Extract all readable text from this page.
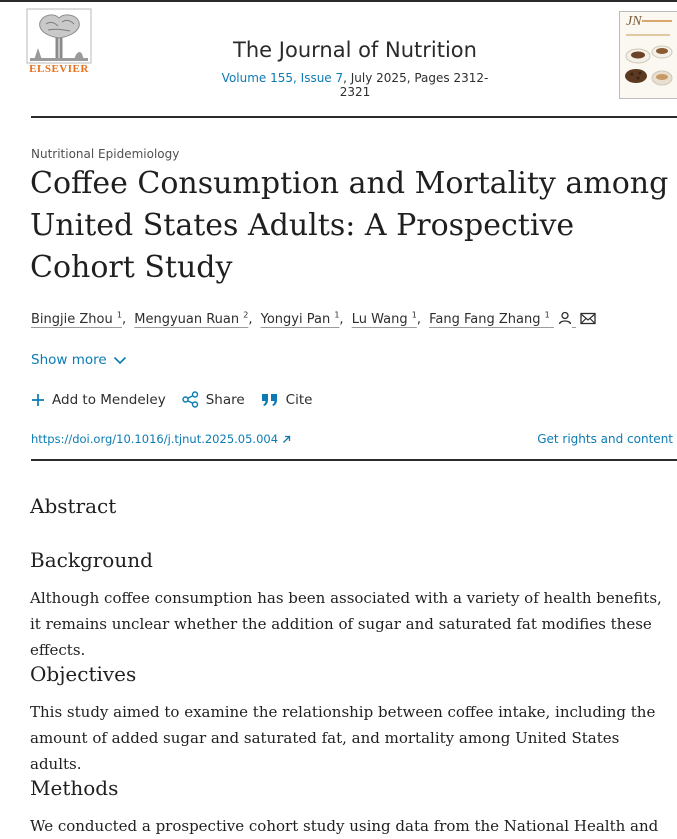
ELSEVIER
The Journal of Nutrition
Volume 155, Issue 7, July 2025, Pages 2312-2321
JN
Nutritional Epidemiology
Coffee Consumption and Mortality among United States Adults: A Prospective Cohort Study
Bingjie Zhou $^1$, Mengyuan Ruan $^2$, Yongyi Pan $^1$, Lu Wang $^1$, Fang Fang Zhang $^1$
Show more
Add to Mendeley	Share	Cite
https://doi.org/10.1016/j.tjnut.2025.05.004	Get rights and content
Abstract
Background

Although coffee consumption has been associated with a variety of health benefits, it remains unclear whether the addition of sugar and saturated fat modifies these effects.

Objectives

This study aimed to examine the relationship between coffee intake, including the amount of added sugar and saturated fat, and mortality among United States adults.

Methods

We conducted a prospective cohort study using data from the National Health and
